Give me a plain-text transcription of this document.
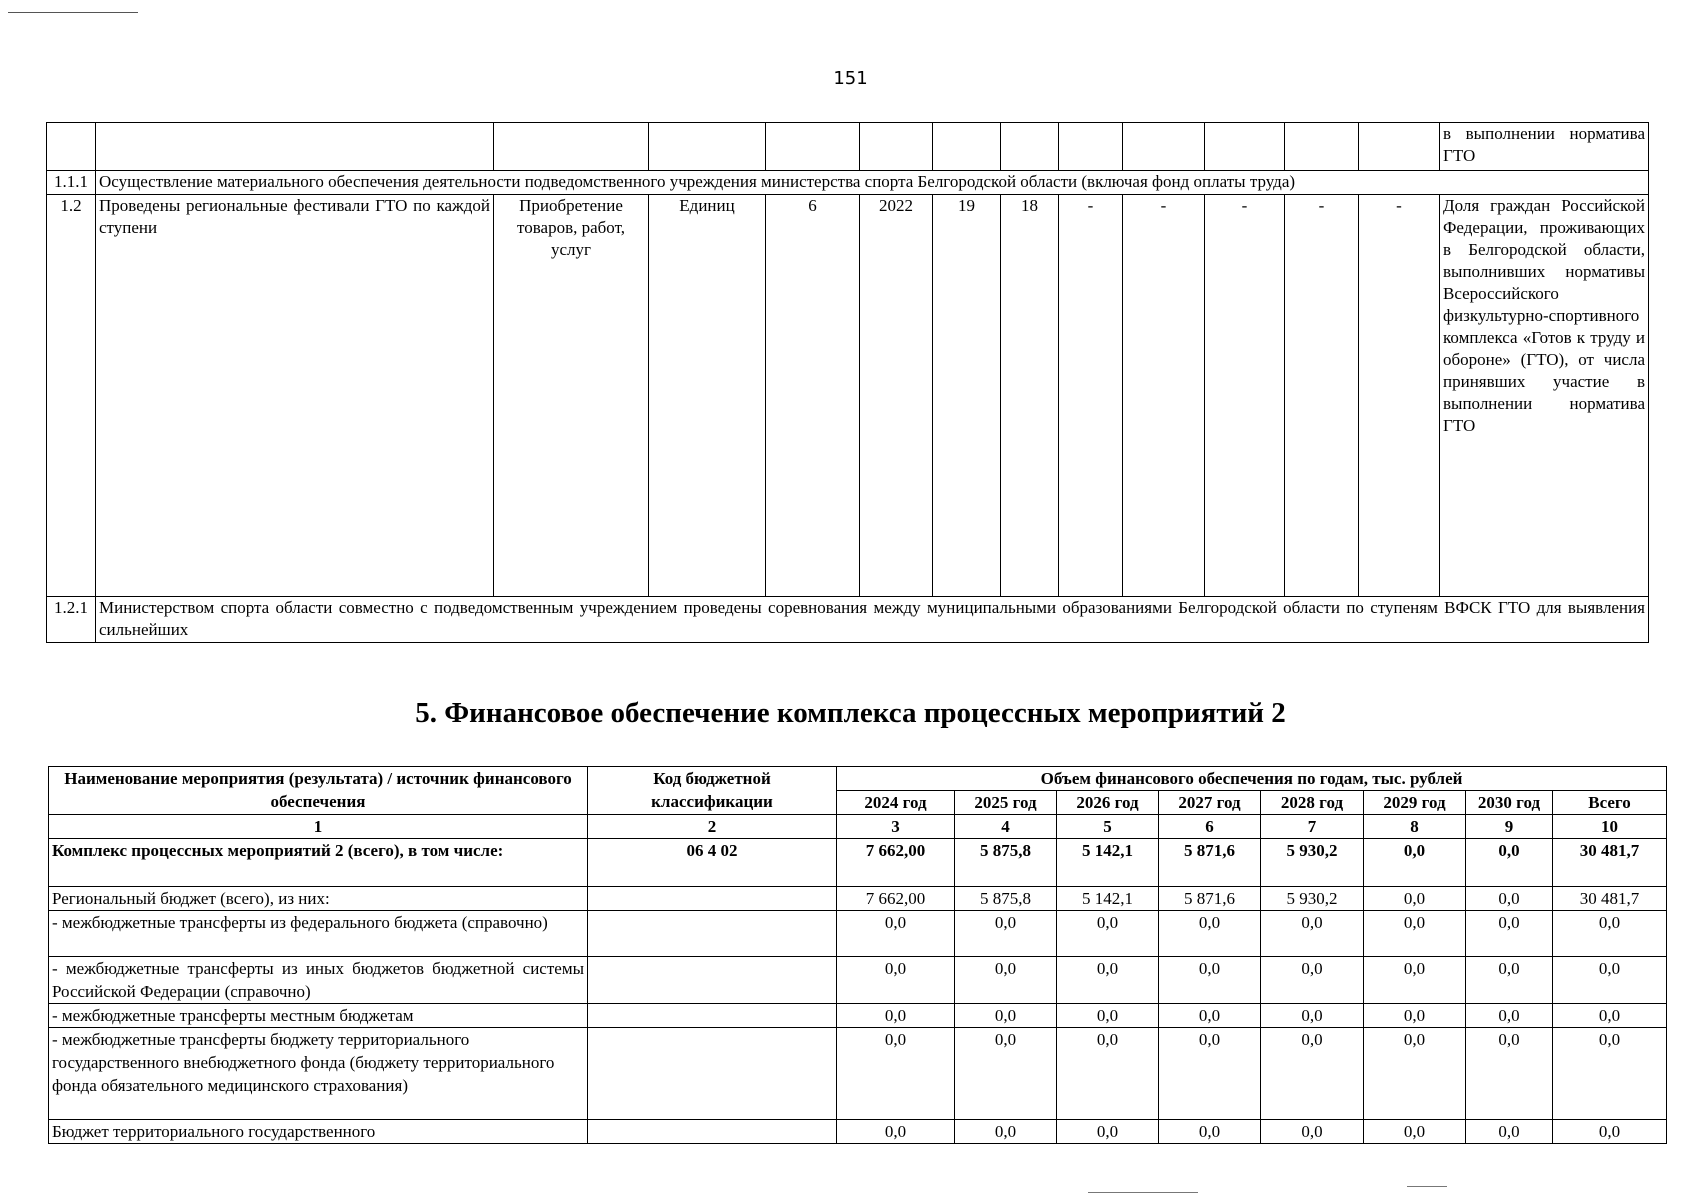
151
													в выполнении норматива ГТО
1.1.1	Осуществление материального обеспечения деятельности подведомственного учреждения министерства спорта Белгородской области (включая фонд оплаты труда)												
1.2	Проведены региональные фестивали ГТО по каждой ступени	Приобретение товаров, работ, услуг	Единиц	6	2022	19	18	-	-	-	-	-	Доля граждан Российской Федерации, проживающих в Белгородской области, выполнивших нормативы Всероссийского физкультурно-спортивного комплекса «Готов к труду и обороне» (ГТО), от числа принявших участие в выполнении норматива ГТО
1.2.1	Министерством спорта области совместно с подведомственным учреждением проведены соревнования между муниципальными образованиями Белгородской области по ступеням ВФСК ГТО для выявления сильнейших												
5. Финансовое обеспечение комплекса процессных мероприятий 2
Наименование мероприятия (результата) / источник финансового обеспечения	Код бюджетной классификации	Объем финансового обеспечения по годам, тыс. рублей							
		2024 год	2025 год	2026 год	2027 год	2028 год	2029 год	2030 год	Всего
1	2	3	4	5	6	7	8	9	10
Комплекс процессных мероприятий 2 (всего), в том числе:	06 4 02	7 662,00	5 875,8	5 142,1	5 871,6	5 930,2	0,0	0,0	30 481,7
Региональный бюджет (всего), из них:		7 662,00	5 875,8	5 142,1	5 871,6	5 930,2	0,0	0,0	30 481,7
- межбюджетные трансферты из федерального бюджета (справочно)		0,0	0,0	0,0	0,0	0,0	0,0	0,0	0,0
- межбюджетные трансферты из иных бюджетов бюджетной системы Российской Федерации (справочно)		0,0	0,0	0,0	0,0	0,0	0,0	0,0	0,0
- межбюджетные трансферты местным бюджетам		0,0	0,0	0,0	0,0	0,0	0,0	0,0	0,0
- межбюджетные трансферты бюджету территориального государственного внебюджетного фонда (бюджету территориального фонда обязательного медицинского страхования)		0,0	0,0	0,0	0,0	0,0	0,0	0,0	0,0
Бюджет территориального государственного		0,0	0,0	0,0	0,0	0,0	0,0	0,0	0,0
